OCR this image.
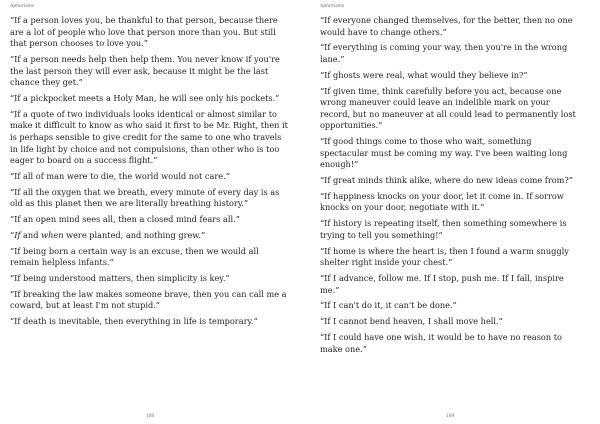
Aphorisms

“If a person loves you, be thankful to that person, because there are a lot of people who love that person more than you. But still that person chooses to love you.”

“If a person needs help then help them. You never know if you're the last person they will ever ask, because it might be the last chance they get.”

“If a pickpocket meets a Holy Man, he will see only his pockets.”

“If a quote of two individuals looks identical or almost similar to make it difficult to know as who said it first to be Mr. Right, then it is perhaps sensible to give credit for the same to one who travels in life light by choice and not compulsions, than other who is too eager to board on a success flight.”

“If all of man were to die, the world would not care.”

“If all the oxygen that we breath, every minute of every day is as old as this planet then we are literally breathing history.”

“If an open mind sees all, then a closed mind fears all.”

“If and when were planted, and nothing grew.”

“If being born a certain way is an excuse, then we would all remain helpless infants.”

“If being understood matters, then simplicity is key.”

“If breaking the law makes someone brave, then you can call me a coward, but at least I'm not stupid.”

“If death is inevitable, then everything in life is temporary.”

108
Aphorisms

“If everyone changed themselves, for the better, then no one would have to change others.”

“If everything is coming your way, then you're in the wrong lane.”

“If ghosts were real, what would they believe in?”

“If given time, think carefully before you act, because one wrong maneuver could leave an indelible mark on your record, but no maneuver at all could lead to permanently lost opportunities.”

“If good things come to those who wait, something spectacular must be coming my way. I've been waiting long enough!”

“If great minds think alike, where do new ideas come from?”

“If happiness knocks on your door, let it come in. If sorrow knocks on your door, negotiate with it.”

“If history is repeating itself, then something somewhere is trying to tell you something!”

“If home is where the heart is, then I found a warm snuggly shelter right inside your chest.”

“If I advance, follow me. If I stop, push me. If I fall, inspire me.”

“If I can't do it, it can't be done.”

“If I cannot bend heaven, I shall move hell.”

“If I could have one wish, it would be to have no reason to make one.”

109
